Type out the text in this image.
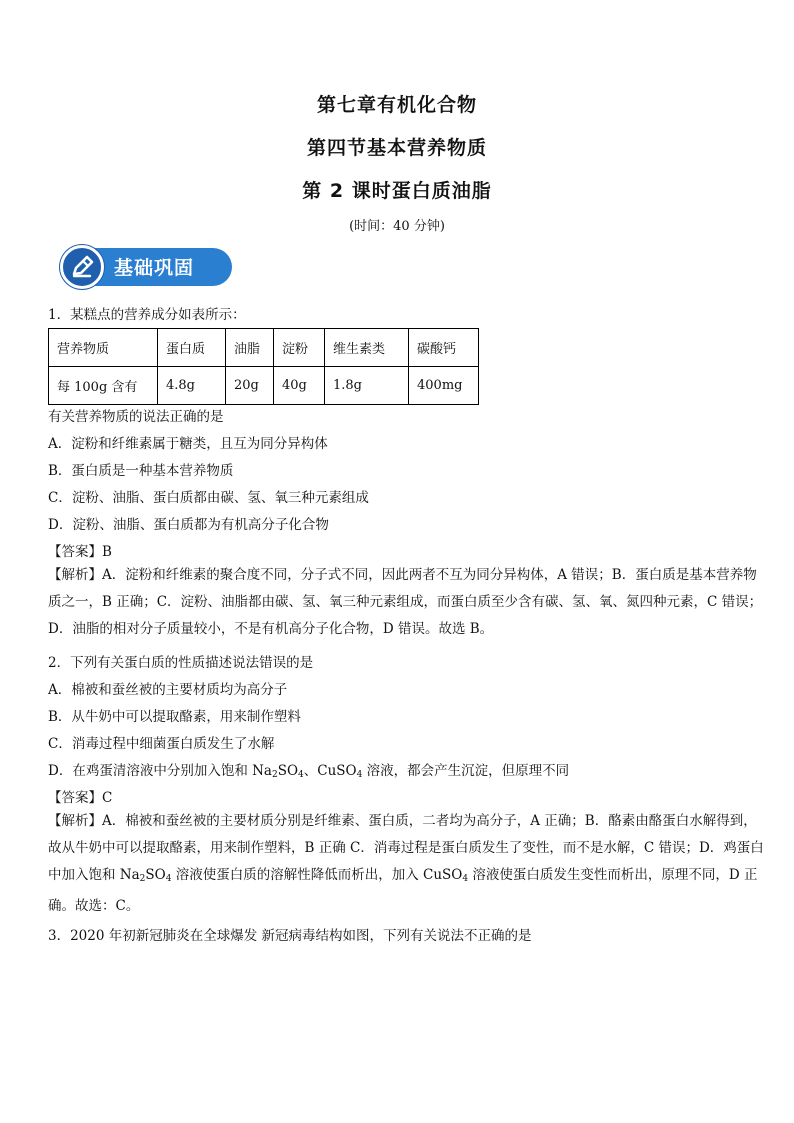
第七章有机化合物
第四节基本营养物质
第 2 课时蛋白质油脂
(时间：40 分钟)
基础巩固
1．某糕点的营养成分如表所示：
营养物质	蛋白质	油脂	淀粉	维生素类	碳酸钙
每 100g 含有	4.8g	20g	40g	1.8g	400mg
有关营养物质的说法正确的是
A．淀粉和纤维素属于糖类，且互为同分异构体
B．蛋白质是一种基本营养物质
C．淀粉、油脂、蛋白质都由碳、氢、氧三种元素组成
D．淀粉、油脂、蛋白质都为有机高分子化合物
【答案】B
【解析】A．淀粉和纤维素的聚合度不同，分子式不同，因此两者不互为同分异构体，A 错误；B．蛋白质是基本营养物质之一，B 正确；C．淀粉、油脂都由碳、氢、氧三种元素组成，而蛋白质至少含有碳、氢、氧、氮四种元素，C 错误；D．油脂的相对分子质量较小，不是有机高分子化合物，D 错误。故选 B。
2．下列有关蛋白质的性质描述说法错误的是
A．棉被和蚕丝被的主要材质均为高分子
B．从牛奶中可以提取酪素，用来制作塑料
C．消毒过程中细菌蛋白质发生了水解
D．在鸡蛋清溶液中分别加入饱和 $Na_2SO_4$、CuSO$_4$ 溶液，都会产生沉淀，但原理不同
【答案】C
【解析】A．棉被和蚕丝被的主要材质分别是纤维素、蛋白质，二者均为高分子，A 正确；B．酪素由酪蛋白水解得到，故从牛奶中可以提取酪素，用来制作塑料，B 正确 C．消毒过程是蛋白质发生了变性，而不是水解，C 错误；D．鸡蛋白中加入饱和 $Na_2SO_4$ 溶液使蛋白质的溶解性降低而析出，加入 CuSO$_4$ 溶液使蛋白质发生变性而析出，原理不同，D 正确。故选：C。
3．2020 年初新冠肺炎在全球爆发 新冠病毒结构如图，下列有关说法不正确的是
